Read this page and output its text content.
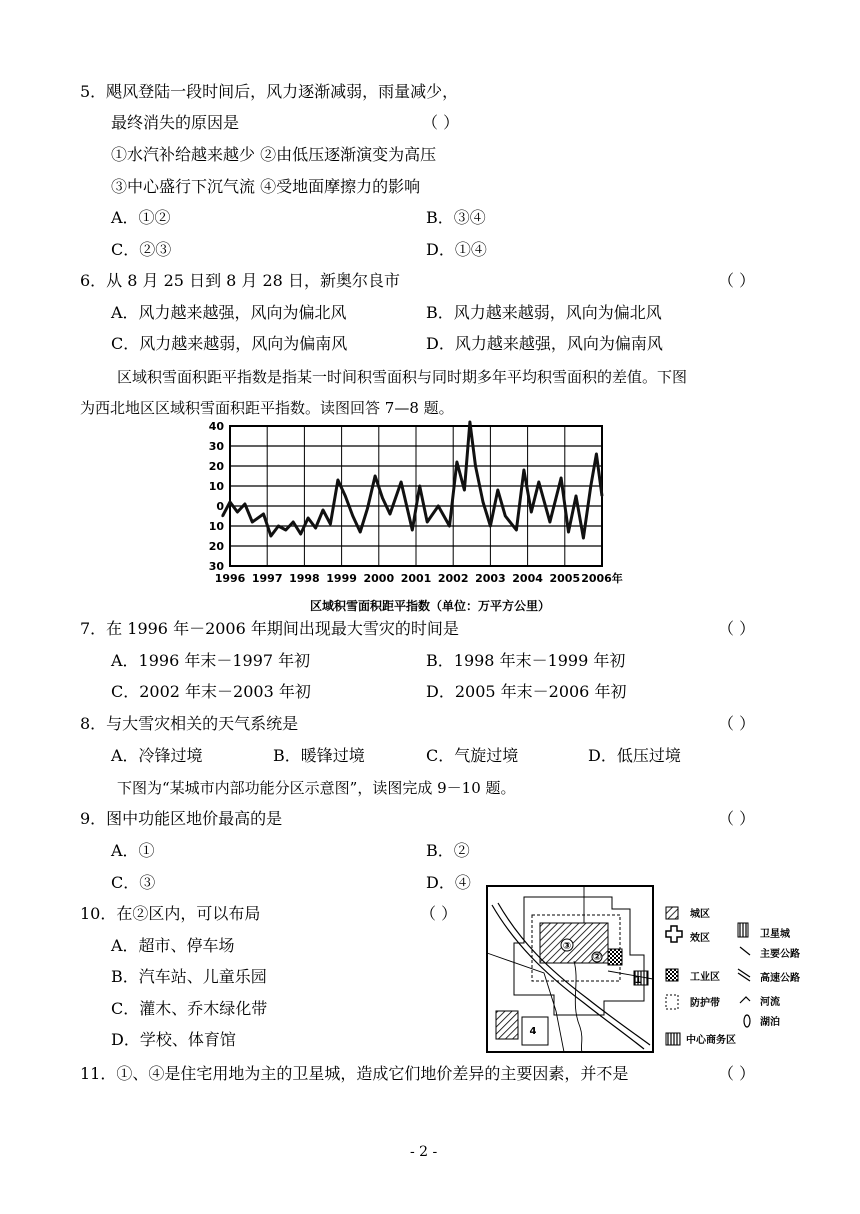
5．飓风登陆一段时间后，风力逐渐减弱，雨量减少，
最终消失的原因是	（ ）
①水汽补给越来越少 ②由低压逐渐演变为高压
③中心盛行下沉气流 ④受地面摩擦力的影响
A．①②	B．③④
C．②③	D．①④
6．从 8 月 25 日到 8 月 28 日，新奥尔良市	（ ）
A．风力越来越强，风向为偏北风	B．风力越来越弱，风向为偏北风
C．风力越来越弱，风向为偏南风	D．风力越来越强，风向为偏南风
区域积雪面积距平指数是指某一时间积雪面积与同时期多年平均积雪面积的差值。下图
为西北地区区域积雪面积距平指数。读图回答 7—8 题。
40
30
20
10
0
10
20
30
1996 1997 1998 1999 2000 2001 2002 2003 2004 2005 2006年
区域积雪面积距平指数（单位：万平方公里）
7．在 1996 年－2006 年期间出现最大雪灾的时间是	（ ）
A．1996 年末－1997 年初	B．1998 年末－1999 年初
C．2002 年末－2003 年初	D．2005 年末－2006 年初
8．与大雪灾相关的天气系统是	（ ）
A．冷锋过境	B．暖锋过境	C．气旋过境	D．低压过境
下图为“某城市内部功能分区示意图”，读图完成 9－10 题。
9．图中功能区地价最高的是	（ ）
A．①	B．②
C．③	D．④
10．在②区内，可以布局	（ ）
A．超市、停车场
B．汽车站、儿童乐园
C．灌木、乔木绿化带
D．学校、体育馆
③
②
4
1
城区
效区	卫星城
主要公路
工业区	高速公路
防护带	河流
湖泊
中心商务区
11．①、④是住宅用地为主的卫星城，造成它们地价差异的主要因素，并不是	（ ）
- 2 -
